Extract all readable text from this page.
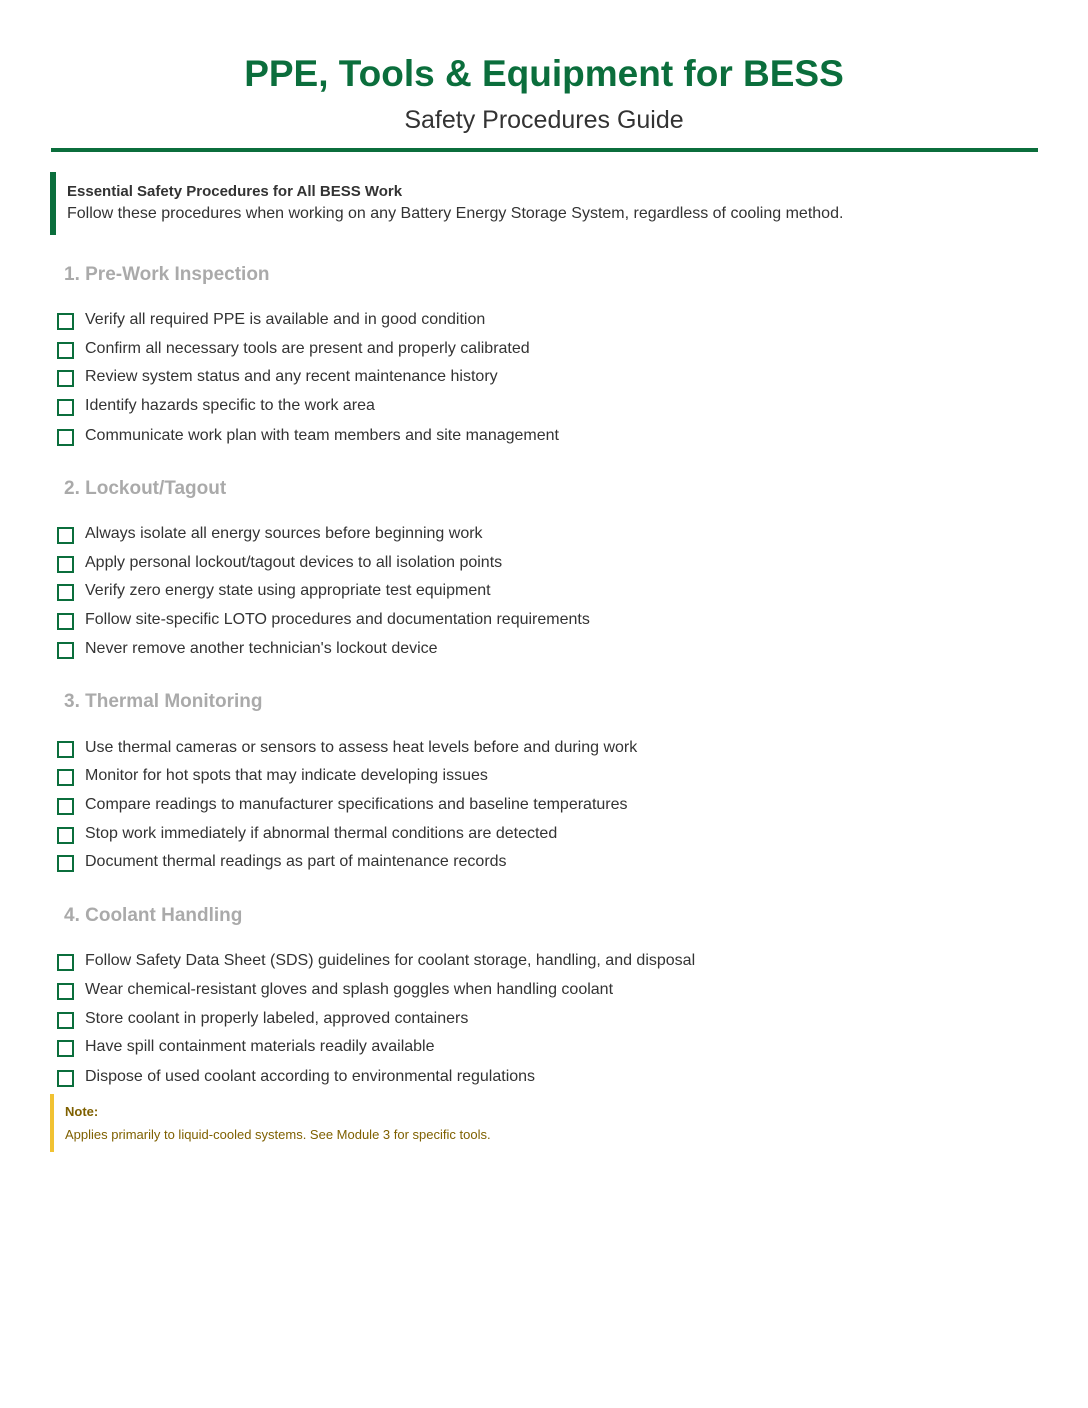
PPE, Tools & Equipment for BESS
Safety Procedures Guide
Essential Safety Procedures for All BESS Work
Follow these procedures when working on any Battery Energy Storage System, regardless of cooling method.
1. Pre-Work Inspection
Verify all required PPE is available and in good condition
Confirm all necessary tools are present and properly calibrated
Review system status and any recent maintenance history
Identify hazards specific to the work area
Communicate work plan with team members and site management
2. Lockout/Tagout
Always isolate all energy sources before beginning work
Apply personal lockout/tagout devices to all isolation points
Verify zero energy state using appropriate test equipment
Follow site-specific LOTO procedures and documentation requirements
Never remove another technician's lockout device
3. Thermal Monitoring
Use thermal cameras or sensors to assess heat levels before and during work
Monitor for hot spots that may indicate developing issues
Compare readings to manufacturer specifications and baseline temperatures
Stop work immediately if abnormal thermal conditions are detected
Document thermal readings as part of maintenance records
4. Coolant Handling
Follow Safety Data Sheet (SDS) guidelines for coolant storage, handling, and disposal
Wear chemical-resistant gloves and splash goggles when handling coolant
Store coolant in properly labeled, approved containers
Have spill containment materials readily available
Dispose of used coolant according to environmental regulations
Note:
Applies primarily to liquid-cooled systems. See Module 3 for specific tools.
